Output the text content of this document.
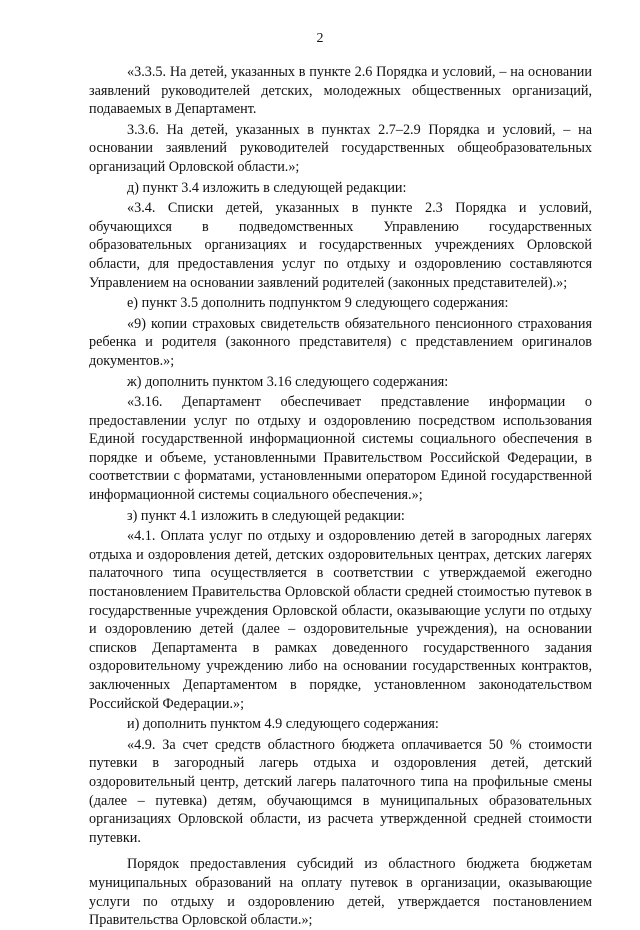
2

«3.3.5. На детей, указанных в пункте 2.6 Порядка и условий, – на основании заявлений руководителей детских, молодежных общественных организаций, подаваемых в Департамент.

3.3.6. На детей, указанных в пунктах 2.7–2.9 Порядка и условий, – на основании заявлений руководителей государственных общеобразовательных организаций Орловской области.»;

д) пункт 3.4 изложить в следующей редакции:

«3.4. Списки детей, указанных в пункте 2.3 Порядка и условий, обучающихся в подведомственных Управлению государственных образовательных организациях и государственных учреждениях Орловской области, для предоставления услуг по отдыху и оздоровлению составляются Управлением на основании заявлений родителей (законных представителей).»;

е) пункт 3.5 дополнить подпунктом 9 следующего содержания:

«9) копии страховых свидетельств обязательного пенсионного страхования ребенка и родителя (законного представителя) с представлением оригиналов документов.»;

ж) дополнить пунктом 3.16 следующего содержания:

«3.16. Департамент обеспечивает представление информации о предоставлении услуг по отдыху и оздоровлению посредством использования Единой государственной информационной системы социального обеспечения в порядке и объеме, установленными Правительством Российской Федерации, в соответствии с форматами, установленными оператором Единой государственной информационной системы социального обеспечения.»;

з) пункт 4.1 изложить в следующей редакции:

«4.1. Оплата услуг по отдыху и оздоровлению детей в загородных лагерях отдыха и оздоровления детей, детских оздоровительных центрах, детских лагерях палаточного типа осуществляется в соответствии с утверждаемой ежегодно постановлением Правительства Орловской области средней стоимостью путевок в государственные учреждения Орловской области, оказывающие услуги по отдыху и оздоровлению детей (далее – оздоровительные учреждения), на основании списков Департамента в рамках доведенного государственного задания оздоровительному учреждению либо на основании государственных контрактов, заключенных Департаментом в порядке, установленном законодательством Российской Федерации.»;

и) дополнить пунктом 4.9 следующего содержания:

«4.9. За счет средств областного бюджета оплачивается 50 % стоимости путевки в загородный лагерь отдыха и оздоровления детей, детский оздоровительный центр, детский лагерь палаточного типа на профильные смены (далее – путевка) детям, обучающимся в муниципальных образовательных организациях Орловской области, из расчета утвержденной средней стоимости путевки.

Порядок предоставления субсидий из областного бюджета бюджетам муниципальных образований на оплату путевок в организации, оказывающие услуги по отдыху и оздоровлению детей, утверждается постановлением Правительства Орловской области.»;
